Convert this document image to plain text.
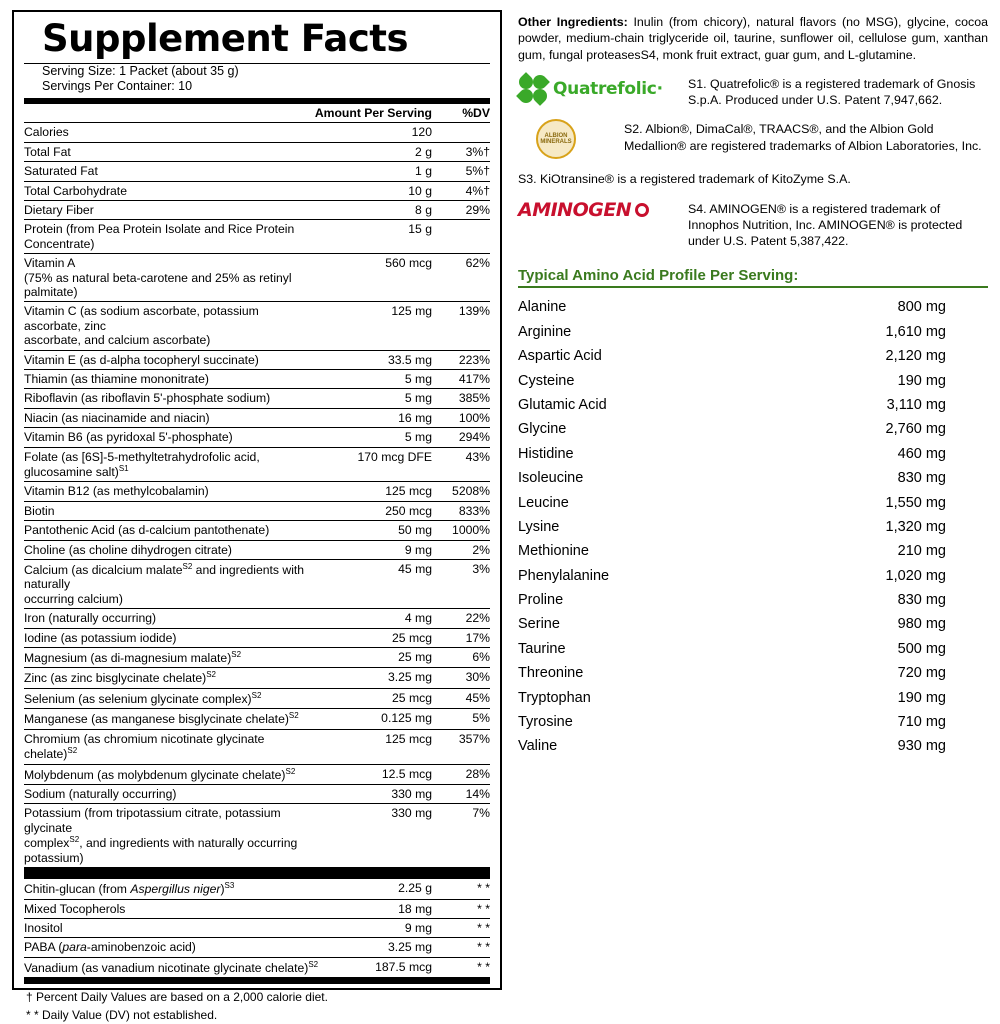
Supplement Facts
Serving Size: 1 Packet (about 35 g)
Servings Per Container: 10
	Amount Per Serving	%DV
Calories	120	
Total Fat	2 g	3%†
Saturated Fat	1 g	5%†
Total Carbohydrate	10 g	4%†
Dietary Fiber	8 g	29%
Protein (from Pea Protein Isolate and Rice Protein Concentrate)	15 g	
Vitamin A
(75% as natural beta-carotene and 25% as retinyl palmitate)	560 mcg	62%
Vitamin C (as sodium ascorbate, potassium ascorbate, zinc
ascorbate, and calcium ascorbate)	125 mg	139%
Vitamin E (as d-alpha tocopheryl succinate)	33.5 mg	223%
Thiamin (as thiamine mononitrate)	5 mg	417%
Riboflavin (as riboflavin 5'-phosphate sodium)	5 mg	385%
Niacin (as niacinamide and niacin)	16 mg	100%
Vitamin B6 (as pyridoxal 5'-phosphate)	5 mg	294%
Folate (as [6S]-5-methyltetrahydrofolic acid,
glucosamine salt)$^{S1}$	170 mcg DFE	43%
Vitamin B12 (as methylcobalamin)	125 mcg	5208%
Biotin	250 mcg	833%
Pantothenic Acid (as d-calcium pantothenate)	50 mg	1000%
Choline (as choline dihydrogen citrate)	9 mg	2%
Calcium (as dicalcium malate$^{S2}$ and ingredients with naturally
occurring calcium)	45 mg	3%
Iron (naturally occurring)	4 mg	22%
Iodine (as potassium iodide)	25 mcg	17%
Magnesium (as di-magnesium malate)$^{S2}$	25 mg	6%
Zinc (as zinc bisglycinate chelate)$^{S2}$	3.25 mg	30%
Selenium (as selenium glycinate complex)$^{S2}$	25 mcg	45%
Manganese (as manganese bisglycinate chelate)$^{S2}$	0.125 mg	5%
Chromium (as chromium nicotinate glycinate chelate)$^{S2}$	125 mcg	357%
Molybdenum (as molybdenum glycinate chelate)$^{S2}$	12.5 mcg	28%
Sodium (naturally occurring)	330 mg	14%
Potassium (from tripotassium citrate, potassium glycinate
complex$^{S2}$, and ingredients with naturally occurring potassium)	330 mg	7%
Chitin-glucan (from Aspergillus niger)$^{S3}$	2.25 g	* *
Mixed Tocopherols	18 mg	* *
Inositol	9 mg	* *
PABA (para-aminobenzoic acid)	3.25 mg	* *
Vanadium (as vanadium nicotinate glycinate chelate)$^{S2}$	187.5 mcg	* *
† Percent Daily Values are based on a 2,000 calorie diet.
* * Daily Value (DV) not established.
Other Ingredients: Inulin (from chicory), natural flavors (no MSG), glycine, cocoa powder, medium-chain triglyceride oil, taurine, sunflower oil, cellulose gum, xanthan gum, fungal proteasesS4, monk fruit extract, guar gum, and L-glutamine.
Quatrefolic· S1. Quatrefolic® is a registered trademark of Gnosis S.p.A. Produced under U.S. Patent 7,947,662.
ALBION MINERALS
S2. Albion®, DimaCal®, TRAACS®, and the Albion Gold Medallion® are registered trademarks of Albion Laboratories, Inc.
S3. KiOtransine® is a registered trademark of KitoZyme S.A.
AMINOGEN	S4. AMINOGEN® is a registered trademark of Innophos Nutrition, Inc. AMINOGEN® is protected under U.S. Patent 5,387,422.
Typical Amino Acid Profile Per Serving:
Alanine	800 mg
Arginine	1,610 mg
Aspartic Acid	2,120 mg
Cysteine	190 mg
Glutamic Acid	3,110 mg
Glycine	2,760 mg
Histidine	460 mg
Isoleucine	830 mg
Leucine	1,550 mg
Lysine	1,320 mg
Methionine	210 mg
Phenylalanine	1,020 mg
Proline	830 mg
Serine	980 mg
Taurine	500 mg
Threonine	720 mg
Tryptophan	190 mg
Tyrosine	710 mg
Valine	930 mg
